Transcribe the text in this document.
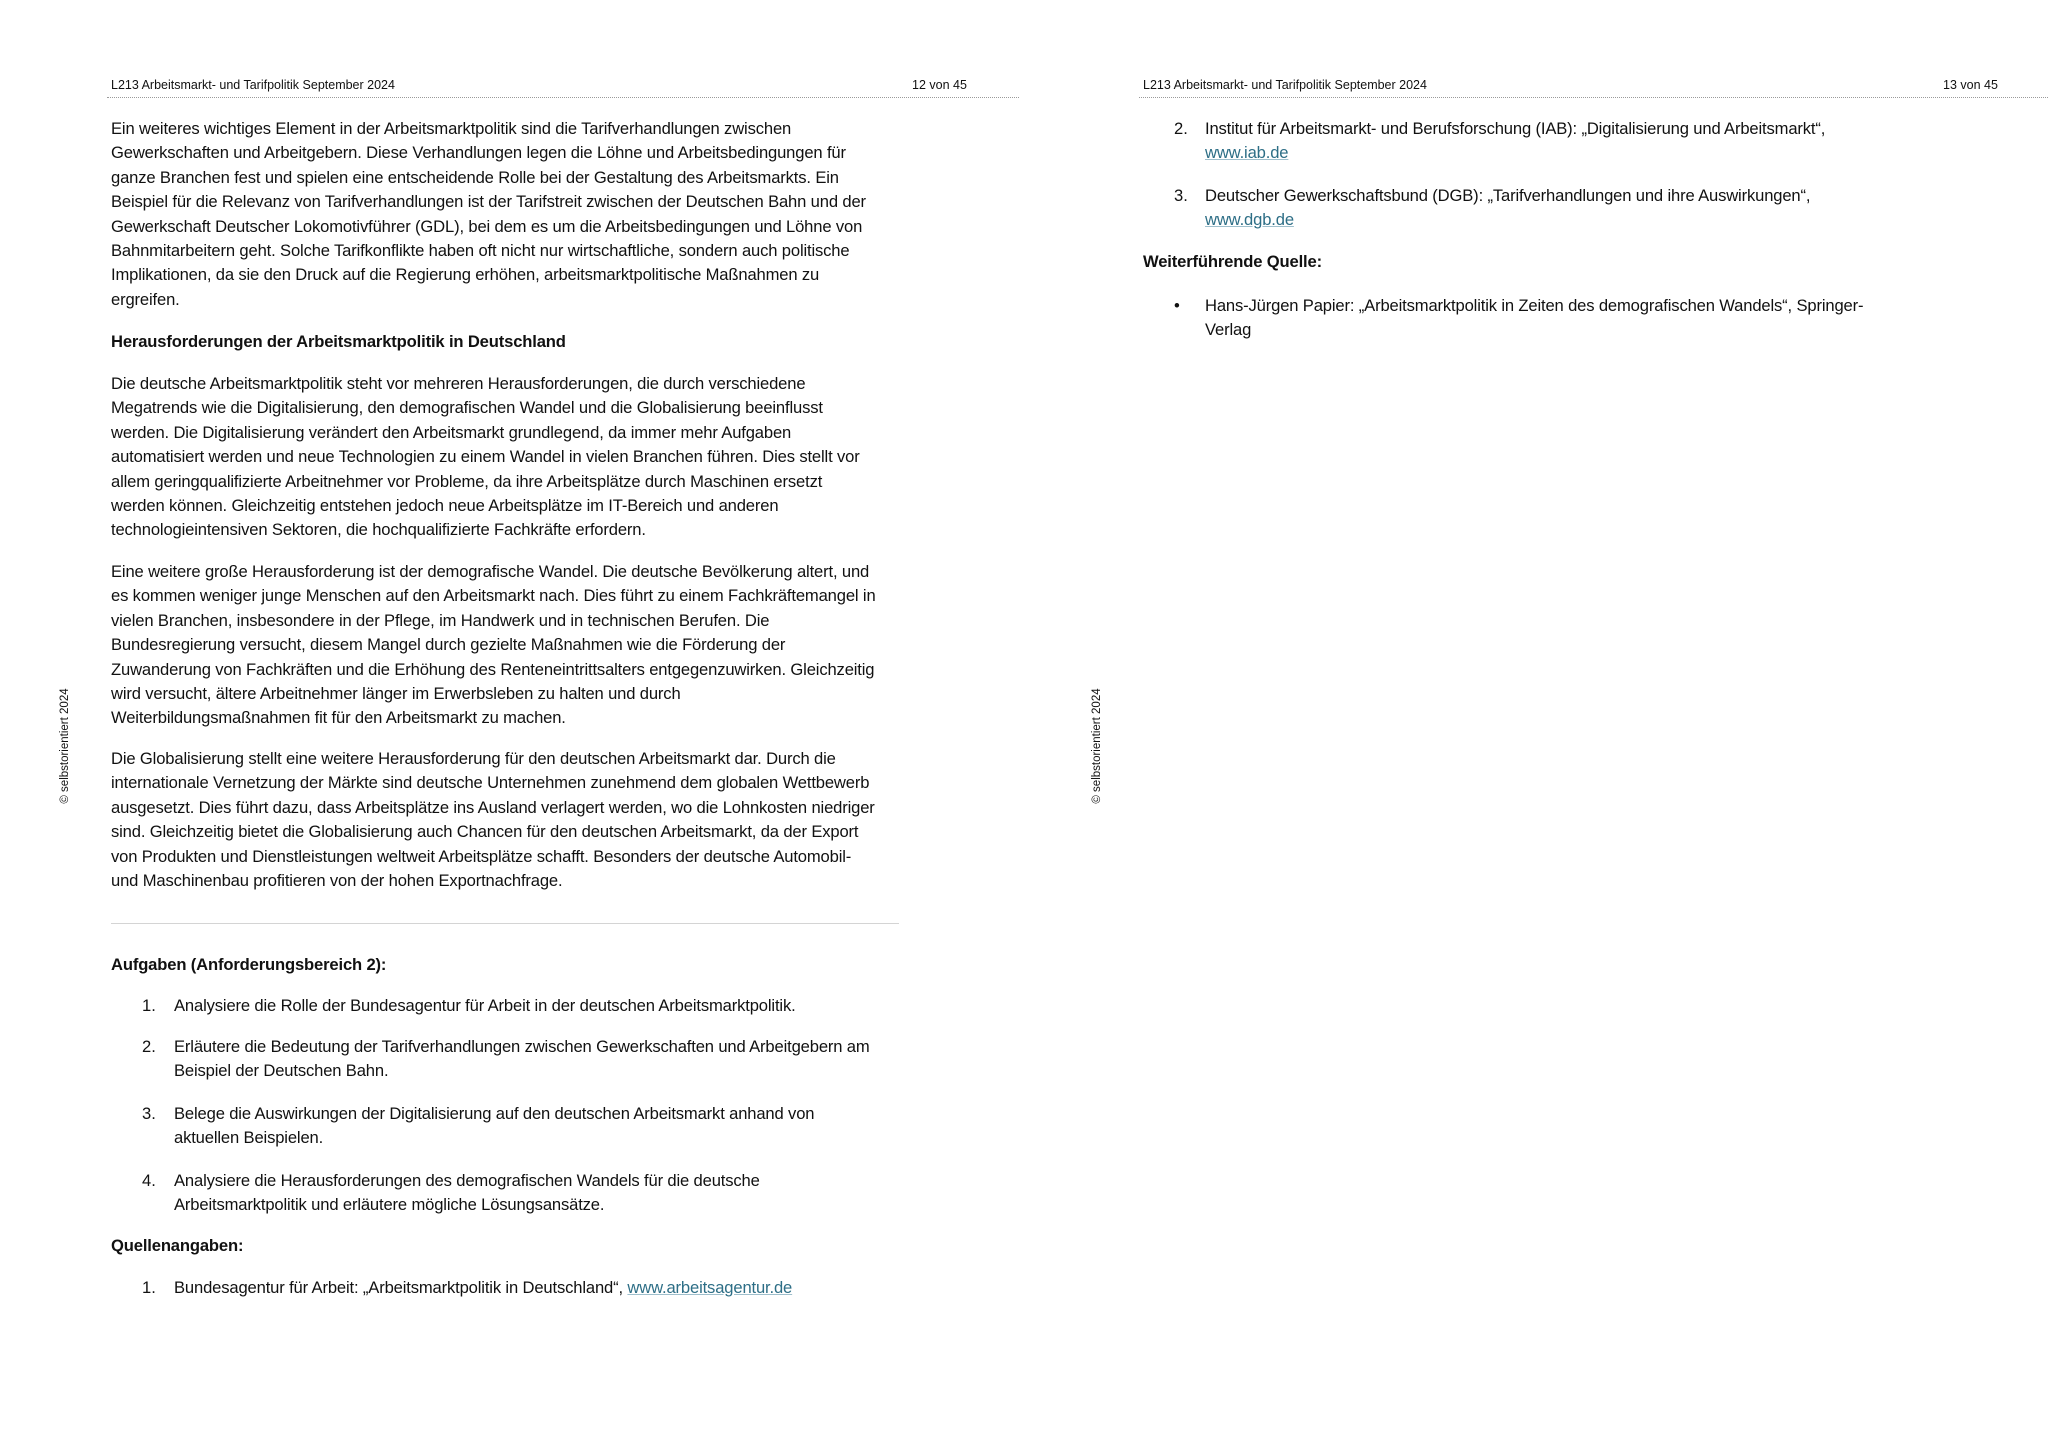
L213 Arbeitsmarkt- und Tarifpolitik September 2024	12 von 45
© selbstorientiert 2024
Ein weiteres wichtiges Element in der Arbeitsmarktpolitik sind die Tarifverhandlungen zwischen
Gewerkschaften und Arbeitgebern. Diese Verhandlungen legen die Löhne und Arbeitsbedingungen für
ganze Branchen fest und spielen eine entscheidende Rolle bei der Gestaltung des Arbeitsmarkts. Ein
Beispiel für die Relevanz von Tarifverhandlungen ist der Tarifstreit zwischen der Deutschen Bahn und der
Gewerkschaft Deutscher Lokomotivführer (GDL), bei dem es um die Arbeitsbedingungen und Löhne von
Bahnmitarbeitern geht. Solche Tarifkonflikte haben oft nicht nur wirtschaftliche, sondern auch politische
Implikationen, da sie den Druck auf die Regierung erhöhen, arbeitsmarktpolitische Maßnahmen zu
ergreifen.
Herausforderungen der Arbeitsmarktpolitik in Deutschland
Die deutsche Arbeitsmarktpolitik steht vor mehreren Herausforderungen, die durch verschiedene
Megatrends wie die Digitalisierung, den demografischen Wandel und die Globalisierung beeinflusst
werden. Die Digitalisierung verändert den Arbeitsmarkt grundlegend, da immer mehr Aufgaben
automatisiert werden und neue Technologien zu einem Wandel in vielen Branchen führen. Dies stellt vor
allem geringqualifizierte Arbeitnehmer vor Probleme, da ihre Arbeitsplätze durch Maschinen ersetzt
werden können. Gleichzeitig entstehen jedoch neue Arbeitsplätze im IT-Bereich und anderen
technologieintensiven Sektoren, die hochqualifizierte Fachkräfte erfordern.
Eine weitere große Herausforderung ist der demografische Wandel. Die deutsche Bevölkerung altert, und
es kommen weniger junge Menschen auf den Arbeitsmarkt nach. Dies führt zu einem Fachkräftemangel in
vielen Branchen, insbesondere in der Pflege, im Handwerk und in technischen Berufen. Die
Bundesregierung versucht, diesem Mangel durch gezielte Maßnahmen wie die Förderung der
Zuwanderung von Fachkräften und die Erhöhung des Renteneintrittsalters entgegenzuwirken. Gleichzeitig
wird versucht, ältere Arbeitnehmer länger im Erwerbsleben zu halten und durch
Weiterbildungsmaßnahmen fit für den Arbeitsmarkt zu machen.
Die Globalisierung stellt eine weitere Herausforderung für den deutschen Arbeitsmarkt dar. Durch die
internationale Vernetzung der Märkte sind deutsche Unternehmen zunehmend dem globalen Wettbewerb
ausgesetzt. Dies führt dazu, dass Arbeitsplätze ins Ausland verlagert werden, wo die Lohnkosten niedriger
sind. Gleichzeitig bietet die Globalisierung auch Chancen für den deutschen Arbeitsmarkt, da der Export
von Produkten und Dienstleistungen weltweit Arbeitsplätze schafft. Besonders der deutsche Automobil-
und Maschinenbau profitieren von der hohen Exportnachfrage.
Aufgaben (Anforderungsbereich 2):
1. Analysiere die Rolle der Bundesagentur für Arbeit in der deutschen Arbeitsmarktpolitik.
2. Erläutere die Bedeutung der Tarifverhandlungen zwischen Gewerkschaften und Arbeitgebern am
Beispiel der Deutschen Bahn.
3. Belege die Auswirkungen der Digitalisierung auf den deutschen Arbeitsmarkt anhand von
aktuellen Beispielen.
4. Analysiere die Herausforderungen des demografischen Wandels für die deutsche
Arbeitsmarktpolitik und erläutere mögliche Lösungsansätze.
Quellenangaben:
1. Bundesagentur für Arbeit: „Arbeitsmarktpolitik in Deutschland“, www.arbeitsagentur.de
L213 Arbeitsmarkt- und Tarifpolitik September 2024	13 von 45
© selbstorientiert 2024
2. Institut für Arbeitsmarkt- und Berufsforschung (IAB): „Digitalisierung und Arbeitsmarkt“,
www.iab.de
3. Deutscher Gewerkschaftsbund (DGB): „Tarifverhandlungen und ihre Auswirkungen“,
www.dgb.de
Weiterführende Quelle:
• Hans-Jürgen Papier: „Arbeitsmarktpolitik in Zeiten des demografischen Wandels“, Springer-
Verlag
